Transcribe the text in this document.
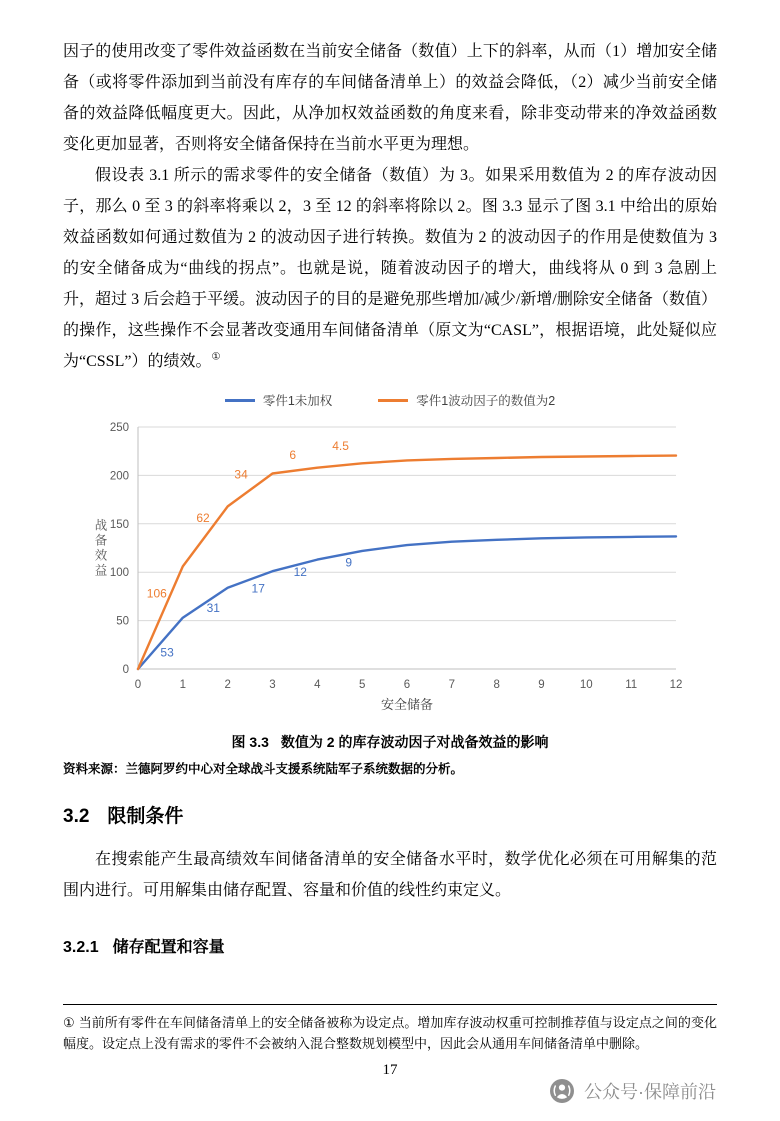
因子的使用改变了零件效益函数在当前安全储备（数值）上下的斜率，从而（1）增加安全储备（或将零件添加到当前没有库存的车间储备清单上）的效益会降低，（2）减少当前安全储备的效益降低幅度更大。因此，从净加权效益函数的角度来看，除非变动带来的净效益函数变化更加显著，否则将安全储备保持在当前水平更为理想。

假设表 3.1 所示的需求零件的安全储备（数值）为 3。如果采用数值为 2 的库存波动因子，那么 0 至 3 的斜率将乘以 2，3 至 12 的斜率将除以 2。图 3.3 显示了图 3.1 中给出的原始效益函数如何通过数值为 2 的波动因子进行转换。数值为 2 的波动因子的作用是使数值为 3 的安全储备成为“曲线的拐点”。也就是说，随着波动因子的增大，曲线将从 0 到 3 急剧上升，超过 3 后会趋于平缓。波动因子的目的是避免那些增加/减少/新增/删除安全储备（数值）的操作，这些操作不会显著改变通用车间储备清单（原文为“CASL”，根据语境，此处疑似应为“CSSL”）的绩效。①

零件1未加权	零件1波动因子的数值为2
0
50
100
150
200
250
0	1	2	3	4	5	6	7	8	9	10	11	12
53
31
17
12
9
106
62
34
6
4.5
战
备
效
益
安全储备
图 3.3 数值为 2 的库存波动因子对战备效益的影响
资料来源：兰德阿罗约中心对全球战斗支援系统陆军子系统数据的分析。
3.2 限制条件

在搜索能产生最高绩效车间储备清单的安全储备水平时，数学优化必须在可用解集的范围内进行。可用解集由储存配置、容量和价值的线性约束定义。

3.2.1 储存配置和容量
① 当前所有零件在车间储备清单上的安全储备被称为设定点。增加库存波动权重可控制推荐值与设定点之间的变化幅度。设定点上没有需求的零件不会被纳入混合整数规划模型中，因此会从通用车间储备清单中删除。
17
公众号·保障前沿
